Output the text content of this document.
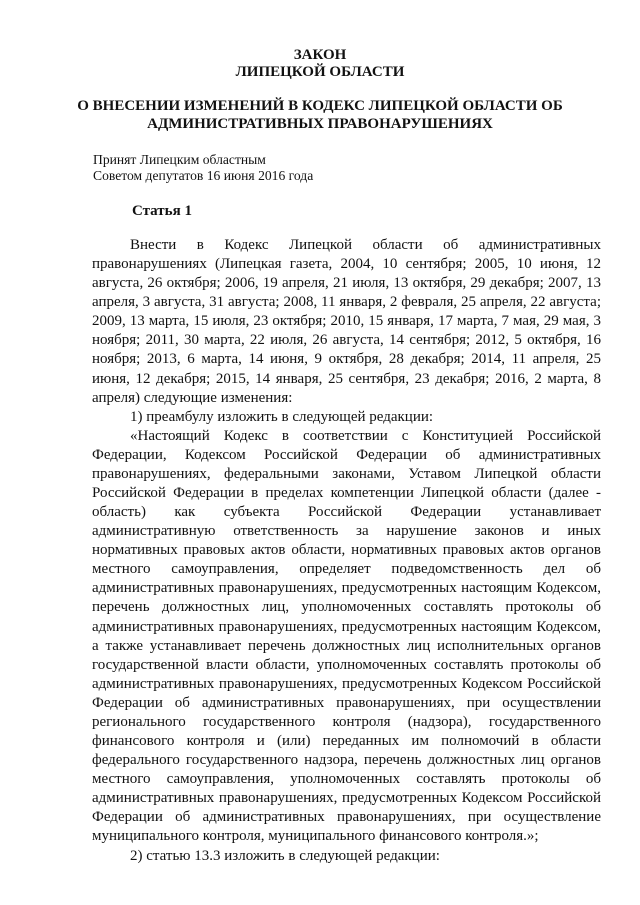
ЗАКОН
ЛИПЕЦКОЙ ОБЛАСТИ
О ВНЕСЕНИИ ИЗМЕНЕНИЙ В КОДЕКС ЛИПЕЦКОЙ ОБЛАСТИ ОБ
АДМИНИСТРАТИВНЫХ ПРАВОНАРУШЕНИЯХ
Принят Липецким областным
Советом депутатов 16 июня 2016 года
Статья 1

Внести в Кодекс Липецкой области об административных правонарушениях (Липецкая газета, 2004, 10 сентября; 2005, 10 июня, 12 августа, 26 октября; 2006, 19 апреля, 21 июля, 13 октября, 29 декабря; 2007, 13 апреля, 3 августа, 31 августа; 2008, 11 января, 2 февраля, 25 апреля, 22 августа; 2009, 13 марта, 15 июля, 23 октября; 2010, 15 января, 17 марта, 7 мая, 29 мая, 3 ноября; 2011, 30 марта, 22 июля, 26 августа, 14 сентября; 2012, 5 октября, 16 ноября; 2013, 6 марта, 14 июня, 9 октября, 28 декабря; 2014, 11 апреля, 25 июня, 12 декабря; 2015, 14 января, 25 сентября, 23 декабря; 2016, 2 марта, 8 апреля) следующие изменения:

1) преамбулу изложить в следующей редакции:

«Настоящий Кодекс в соответствии с Конституцией Российской Федерации, Кодексом Российской Федерации об административных правонарушениях, федеральными законами, Уставом Липецкой области Российской Федерации в пределах компетенции Липецкой области (далее - область) как субъекта Российской Федерации устанавливает административную ответственность за нарушение законов и иных нормативных правовых актов области, нормативных правовых актов органов местного самоуправления, определяет подведомственность дел об административных правонарушениях, предусмотренных настоящим Кодексом, перечень должностных лиц, уполномоченных составлять протоколы об административных правонарушениях, предусмотренных настоящим Кодексом, а также устанавливает перечень должностных лиц исполнительных органов государственной власти области, уполномоченных составлять протоколы об административных правонарушениях, предусмотренных Кодексом Российской Федерации об административных правонарушениях, при осуществлении регионального государственного контроля (надзора), государственного финансового контроля и (или) переданных им полномочий в области федерального государственного надзора, перечень должностных лиц органов местного самоуправления, уполномоченных составлять протоколы об административных правонарушениях, предусмотренных Кодексом Российской Федерации об административных правонарушениях, при осуществление муниципального контроля, муниципального финансового контроля.»;

2) статью 13.3 изложить в следующей редакции:
